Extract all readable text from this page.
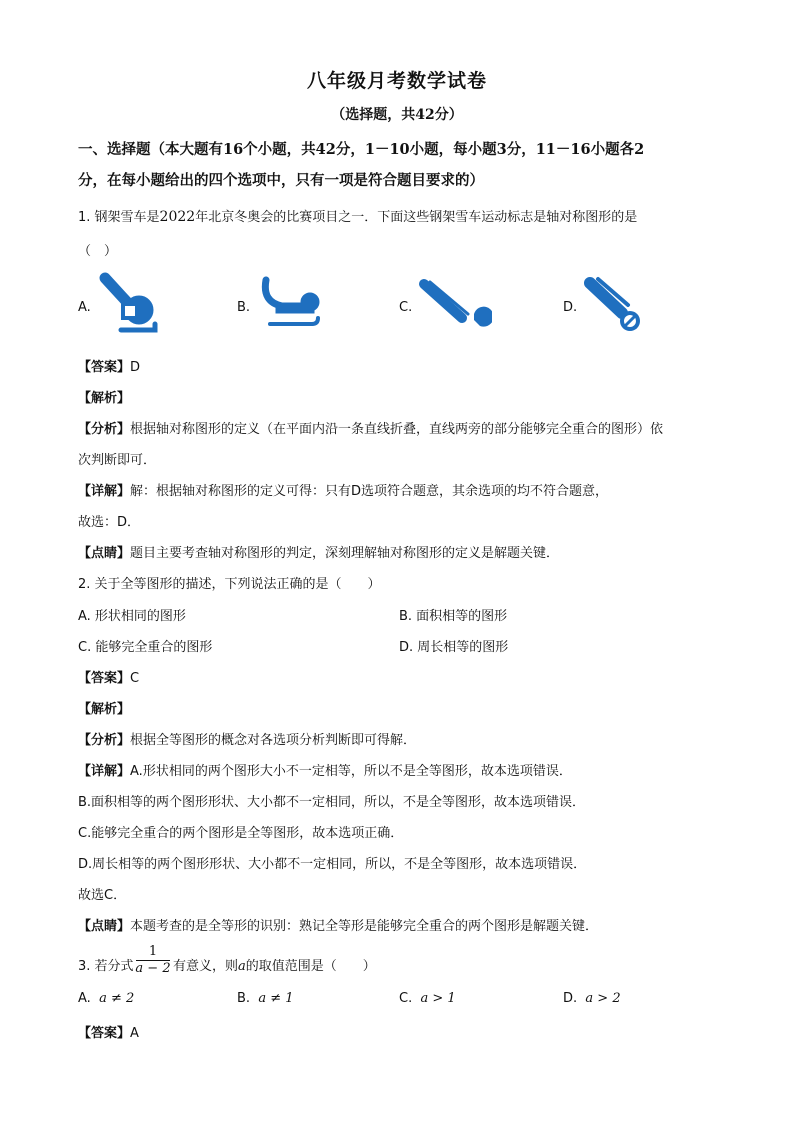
八年级月考数学试卷
（选择题，共42分）
一、选择题（本大题有16个小题，共42分，1－10小题，每小题3分，11－16小题各2
分，在每小题给出的四个选项中，只有一项是符合题目要求的）
1. 钢架雪车是2022年北京冬奥会的比赛项目之一．下面这些钢架雪车运动标志是轴对称图形的是
（　）
A.	B.	C.	D.
【答案】D
【解析】
【分析】根据轴对称图形的定义（在平面内沿一条直线折叠，直线两旁的部分能够完全重合的图形）依
次判断即可．
【详解】解：根据轴对称图形的定义可得：只有D选项符合题意，其余选项的均不符合题意，
故选：D．
【点睛】题目主要考查轴对称图形的判定，深刻理解轴对称图形的定义是解题关键．
2. 关于全等图形的描述，下列说法正确的是（　　）
A. 形状相同的图形	B. 面积相等的图形
C. 能够完全重合的图形	D. 周长相等的图形
【答案】C
【解析】
【分析】根据全等图形的概念对各选项分析判断即可得解．
【详解】A.形状相同的两个图形大小不一定相等，所以不是全等图形，故本选项错误．
B.面积相等的两个图形形状、大小都不一定相同，所以，不是全等图形，故本选项错误．
C.能够完全重合的两个图形是全等图形，故本选项正确．
D.周长相等的两个图形形状、大小都不一定相同，所以，不是全等图形，故本选项错误．
故选C．
【点睛】本题考查的是全等形的识别：熟记全等形是能够完全重合的两个图形是解题关键．
3. 若分式
1
a − 2 有意义，则a的取值范围是（　　）
A. a ≠ 2	B. a ≠ 1	C. a > 1	D. a > 2
【答案】A
